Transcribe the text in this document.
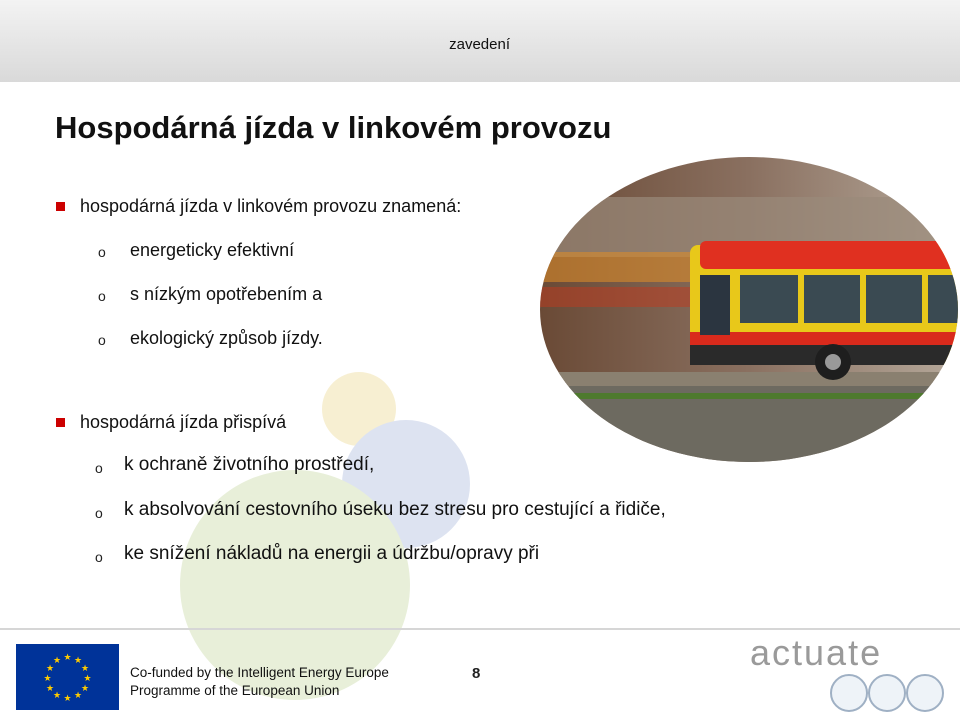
zavedení
Hospodárná jízda v linkovém provozu
hospodárná jízda v linkovém provozu znamená:
o energeticky efektivní
o s nízkým opotřebením a
o ekologický způsob jízdy.
hospodárná jízda přispívá
o k ochraně životního prostředí,
o k absolvování cestovního úseku bez stresu pro cestující a řidiče,
o ke snížení nákladů na energii a údržbu/opravy při
★ ★
★
★
★
★
★
★
★
★
★
★
Co-funded by the Intelligent Energy Europe
Programme of the European Union
8
actuate
